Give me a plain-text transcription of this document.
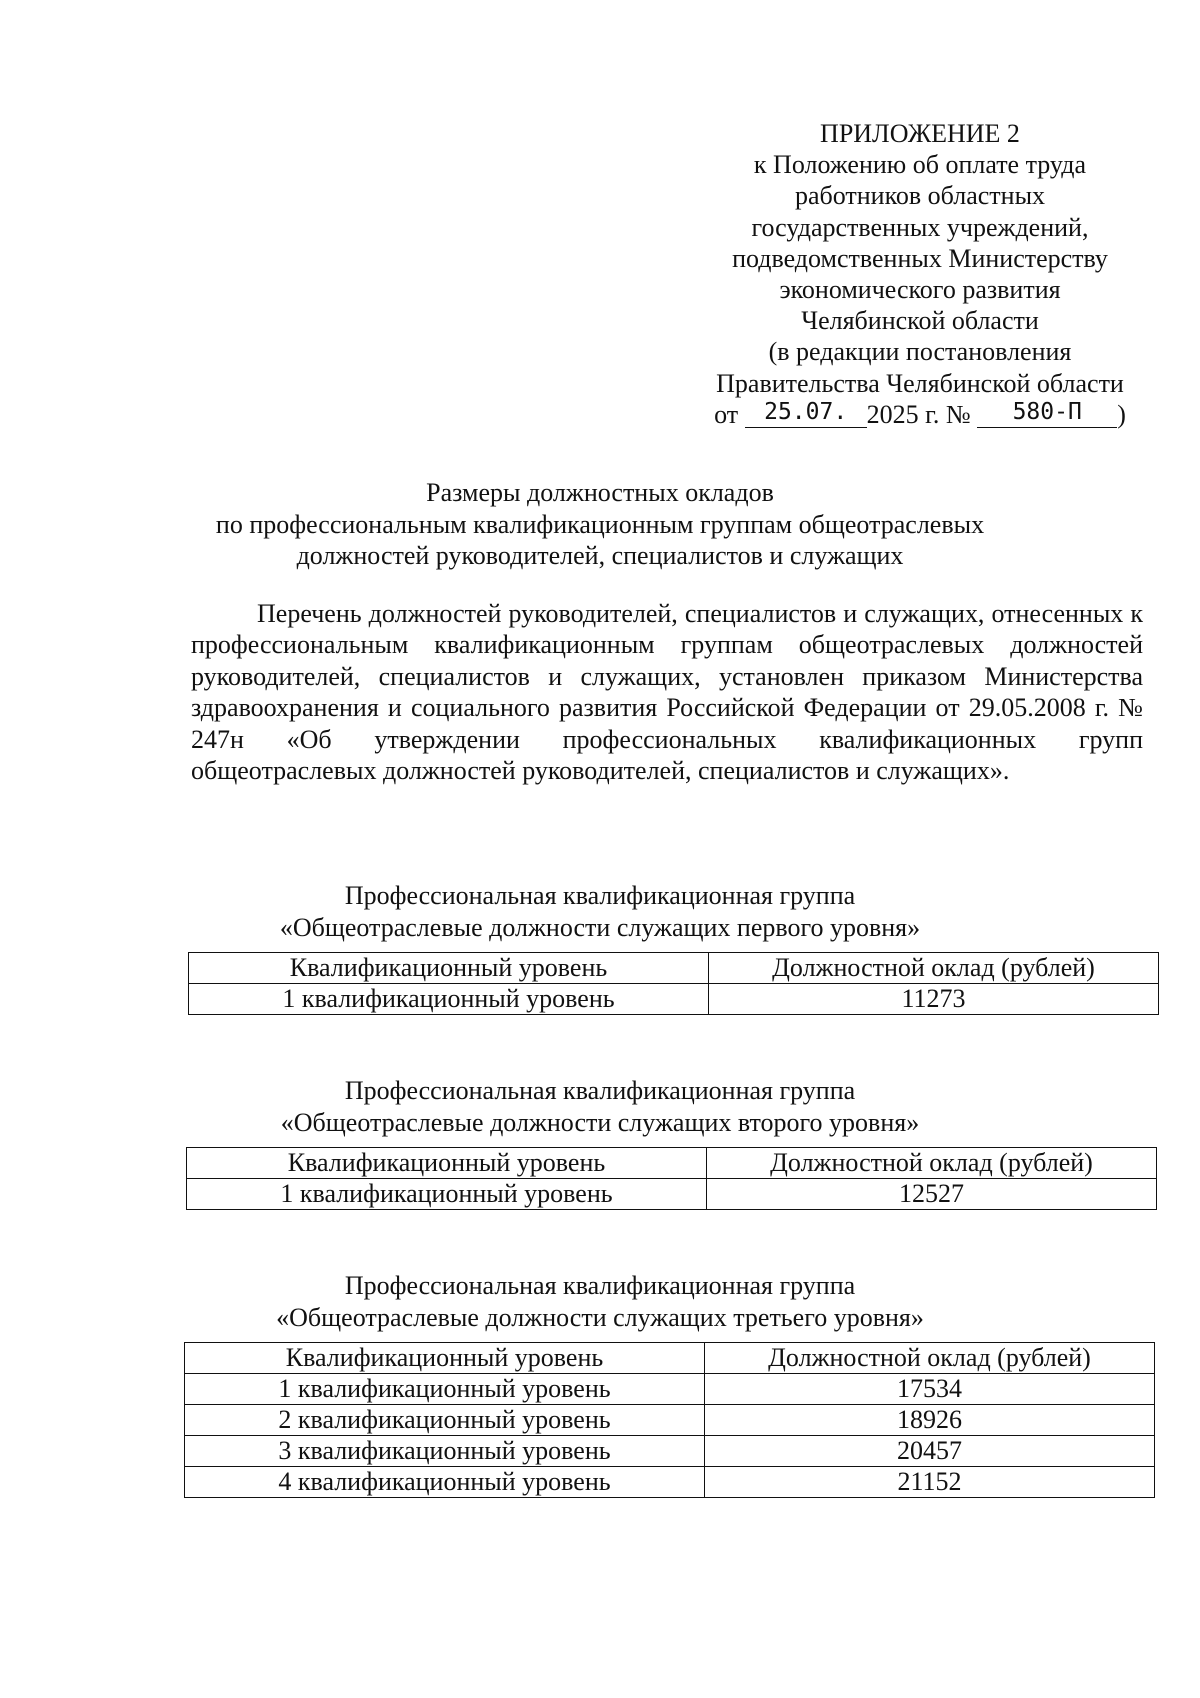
ПРИЛОЖЕНИЕ 2
к Положению об оплате труда
работников областных
государственных учреждений,
подведомственных Министерству
экономического развития
Челябинской области
(в редакции постановления
Правительства Челябинской области
от 25.07. 2025 г. № 580-П )
Размеры должностных окладов
по профессиональным квалификационным группам общеотраслевых
должностей руководителей, специалистов и служащих

Перечень должностей руководителей, специалистов и служащих, отнесенных к профессиональным квалификационным группам общеотраслевых должностей руководителей, специалистов и служащих, установлен приказом Министерства здравоохранения и социального развития Российской Федерации от 29.05.2008 г. № 247н «Об утверждении профессиональных квалификационных групп общеотраслевых должностей руководителей, специалистов и служащих».

Профессиональная квалификационная группа
«Общеотраслевые должности служащих первого уровня»
Квалификационный уровень	Должностной оклад (рублей)
1 квалификационный уровень	11273
Профессиональная квалификационная группа
«Общеотраслевые должности служащих второго уровня»
Квалификационный уровень	Должностной оклад (рублей)
1 квалификационный уровень	12527
Профессиональная квалификационная группа
«Общеотраслевые должности служащих третьего уровня»
Квалификационный уровень	Должностной оклад (рублей)
1 квалификационный уровень	17534
2 квалификационный уровень	18926
3 квалификационный уровень	20457
4 квалификационный уровень	21152
